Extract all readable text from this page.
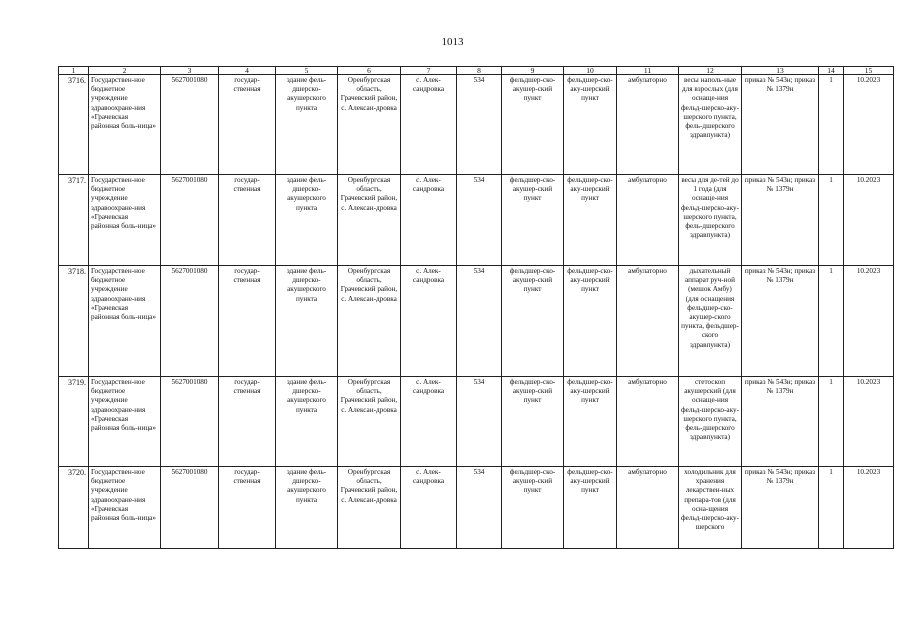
1013
1	2	3	4	5	6	7	8	9	10	11	12	13	14	15
3716.	Государствен-ное бюджетное учреждение здравоохране-ния «Грачевская районная боль-ница»	5627001080	государ-ственная	здание фель-дшерско-акушерского пункта	Оренбургская область, Грачевский район, с. Алексан-дровка	с. Алек-сандровка	534	фельдшер-ско-акушер-ский пункт	фельдшер-ско-аку-шерский пункт	амбулаторно	весы наполь-ные для взрослых (для оснаще-ния фельд-шерско-аку-шерского пункта, фель-дшерского здравпункта)	приказ № 543н; приказ № 1379н	1	10.2023
3717.	Государствен-ное бюджетное учреждение здравоохране-ния «Грачевская районная боль-ница»	5627001080	государ-ственная	здание фель-дшерско-акушерского пункта	Оренбургская область, Грачевский район, с. Алексан-дровка	с. Алек-сандровка	534	фельдшер-ско-акушер-ский пункт	фельдшер-ско-аку-шерский пункт	амбулаторно	весы для де-тей до 1 года (для оснаще-ния фельд-шерско-аку-шерского пункта, фель-дшерского здравпункта)	приказ № 543н; приказ № 1379н	1	10.2023
3718.	Государствен-ное бюджетное учреждение здравоохране-ния «Грачевская районная боль-ница»	5627001080	государ-ственная	здание фель-дшерско-акушерского пункта	Оренбургская область, Грачевский район, с. Алексан-дровка	с. Алек-сандровка	534	фельдшер-ско-акушер-ский пункт	фельдшер-ско-аку-шерский пункт	амбулаторно	дыхательный аппарат руч-ной (мешок Амбу) (для оснащения фельдшер-ско-акушер-ского пункта, фельдшер-ского здравпункта)	приказ № 543н; приказ № 1379н	1	10.2023
3719.	Государствен-ное бюджетное учреждение здравоохране-ния «Грачевская районная боль-ница»	5627001080	государ-ственная	здание фель-дшерско-акушерского пункта	Оренбургская область, Грачевский район, с. Алексан-дровка	с. Алек-сандровка	534	фельдшер-ско-акушер-ский пункт	фельдшер-ско-аку-шерский пункт	амбулаторно	стетоскоп акушерский (для оснаще-ния фельд-шерско-аку-шерского пункта, фель-дшерского здравпункта)	приказ № 543н; приказ № 1379н	1	10.2023
3720.	Государствен-ное бюджетное учреждение здравоохране-ния «Грачевская районная боль-ница»	5627001080	государ-ственная	здание фель-дшерско-акушерского пункта	Оренбургская область, Грачевский район, с. Алексан-дровка	с. Алек-сандровка	534	фельдшер-ско-акушер-ский пункт	фельдшер-ско-аку-шерский пункт	амбулаторно	холодильник для хранения лекарствен-ных препара-тов (для осна-щения фельд-шерско-аку-шерского	приказ № 543н; приказ № 1379н	1	10.2023
